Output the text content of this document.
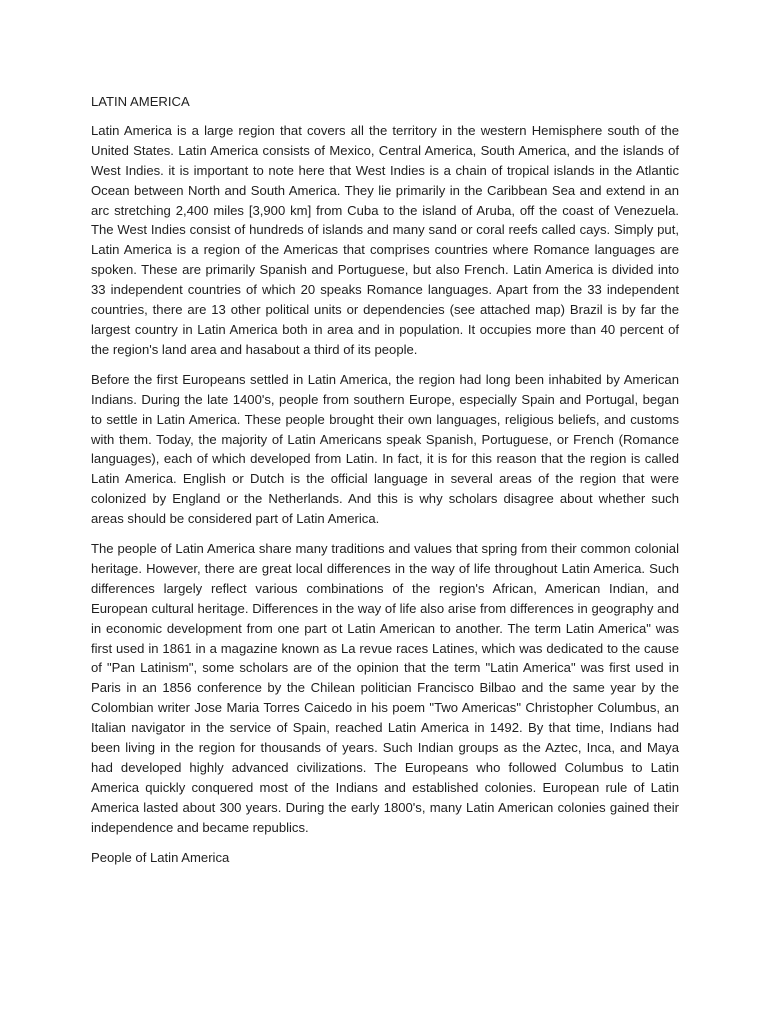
LATIN AMERICA

Latin America is a large region that covers all the territory in the western Hemisphere south of the United States. Latin America consists of Mexico, Central America, South America, and the islands of West Indies. it is important to note here that West Indies is a chain of tropical islands in the Atlantic Ocean between North and South America. They lie primarily in the Caribbean Sea and extend in an arc stretching 2,400 miles [3,900 km] from Cuba to the island of Aruba, off the coast of Venezuela. The West Indies consist of hundreds of islands and many sand or coral reefs called cays. Simply put, Latin America is a region of the Americas that comprises countries where Romance languages are spoken. These are primarily Spanish and Portuguese, but also French. Latin America is divided into 33 independent countries of which 20 speaks Romance languages. Apart from the 33 independent countries, there are 13 other political units or dependencies (see attached map) Brazil is by far the largest country in Latin America both in area and in population. It occupies more than 40 percent of the region's land area and hasabout a third of its people.

Before the first Europeans settled in Latin America, the region had long been inhabited by American Indians. During the late 1400's, people from southern Europe, especially Spain and Portugal, began to settle in Latin America. These people brought their own languages, religious beliefs, and customs with them. Today, the majority of Latin Americans speak Spanish, Portuguese, or French (Romance languages), each of which developed from Latin. In fact, it is for this reason that the region is called Latin America. English or Dutch is the official language in several areas of the region that were colonized by England or the Netherlands. And this is why scholars disagree about whether such areas should be considered part of Latin America.

The people of Latin America share many traditions and values that spring from their common colonial heritage. However, there are great local differences in the way of life throughout Latin America. Such differences largely reflect various combinations of the region's African, American Indian, and European cultural heritage. Differences in the way of life also arise from differences in geography and in economic development from one part ot Latin American to another. The term Latin America" was first used in 1861 in a magazine known as La revue races Latines, which was dedicated to the cause of "Pan Latinism", some scholars are of the opinion that the term "Latin America" was first used in Paris in an 1856 conference by the Chilean politician Francisco Bilbao and the same year by the Colombian writer Jose Maria Torres Caicedo in his poem "Two Americas" Christopher Columbus, an Italian navigator in the service of Spain, reached Latin America in 1492. By that time, Indians had been living in the region for thousands of years. Such Indian groups as the Aztec, Inca, and Maya had developed highly advanced civilizations. The Europeans who followed Columbus to Latin America quickly conquered most of the Indians and established colonies. European rule of Latin America lasted about 300 years. During the early 1800's, many Latin American colonies gained their independence and became republics.

People of Latin America
